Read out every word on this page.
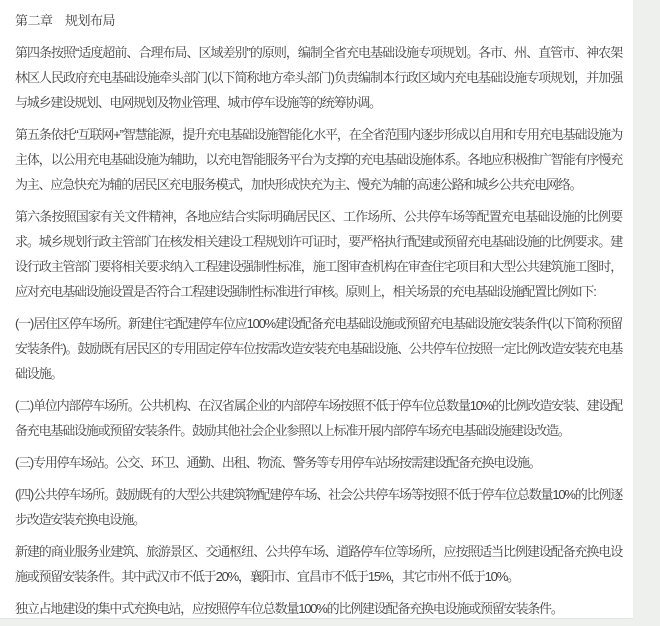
第二章　规划布局

第四条按照“适度超前、合理布局、区域差别”的原则，编制全省充电基础设施专项规划。各市、州、直管市、神农架林区人民政府充电基础设施牵头部门(以下简称地方牵头部门)负责编制本行政区域内充电基础设施专项规划，并加强与城乡建设规划、电网规划及物业管理、城市停车设施等的统筹协调。

第五条依托“互联网+”智慧能源，提升充电基础设施智能化水平，在全省范围内逐步形成以自用和专用充电基础设施为主体，以公用充电基础设施为辅助，以充电智能服务平台为支撑的充电基础设施体系。各地应积极推广智能有序慢充为主、应急快充为辅的居民区充电服务模式，加快形成快充为主、慢充为辅的高速公路和城乡公共充电网络。

第六条按照国家有关文件精神，各地应结合实际明确居民区、工作场所、公共停车场等配置充电基础设施的比例要求。城乡规划行政主管部门在核发相关建设工程规划许可证时，要严格执行配建或预留充电基础设施的比例要求。建设行政主管部门要将相关要求纳入工程建设强制性标准，施工图审查机构在审查住宅项目和大型公共建筑施工图时，应对充电基础设施设置是否符合工程建设强制性标准进行审核。原则上，相关场景的充电基础设施配置比例如下:

(一)居住区停车场所。新建住宅配建停车位应100%建设配备充电基础设施或预留充电基础设施安装条件(以下简称预留安装条件)。鼓励既有居民区的专用固定停车位按需改造安装充电基础设施、公共停车位按照一定比例改造安装充电基础设施。

(二)单位内部停车场所。公共机构、在汉省属企业的内部停车场按照不低于停车位总数量10%的比例改造安装、建设配备充电基础设施或预留安装条件。鼓励其他社会企业参照以上标准开展内部停车场充电基础设施建设改造。

(三)专用停车场站。公交、环卫、通勤、出租、物流、警务等专用停车站场按需建设配备充换电设施。

(四)公共停车场所。鼓励既有的大型公共建筑物配建停车场、社会公共停车场等按照不低于停车位总数量10%的比例逐步改造安装充换电设施。

新建的商业服务业建筑、旅游景区、交通枢纽、公共停车场、道路停车位等场所，应按照适当比例建设配备充换电设施或预留安装条件。其中武汉市不低于20%，襄阳市、宜昌市不低于15%，其它市州不低于10%。

独立占地建设的集中式充换电站，应按照停车位总数量100%的比例建设配备充换电设施或预留安装条件。
